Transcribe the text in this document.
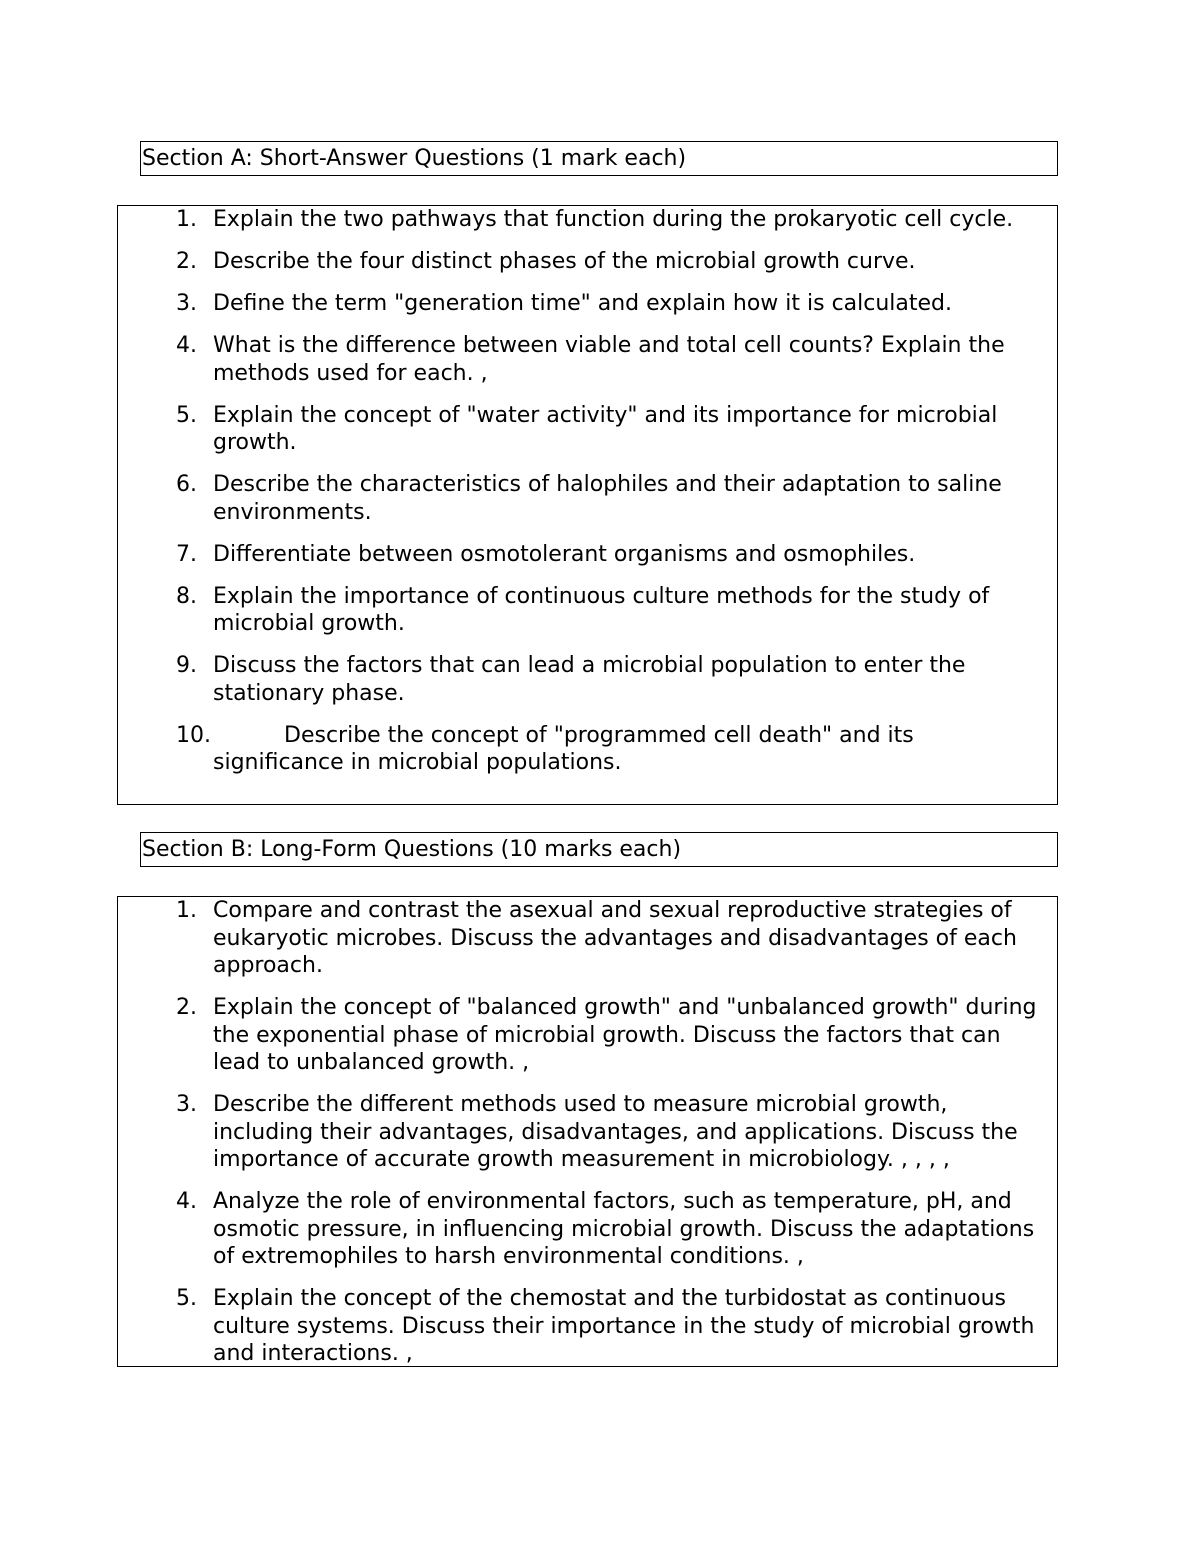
Section A: Short-Answer Questions (1 mark each)
1. Explain the two pathways that function during the prokaryotic cell cycle.
2. Describe the four distinct phases of the microbial growth curve.
3. Define the term "generation time" and explain how it is calculated.
4. What is the difference between viable and total cell counts? Explain the methods used for each. ,
5. Explain the concept of "water activity" and its importance for microbial growth.
6. Describe the characteristics of halophiles and their adaptation to saline environments.
7. Differentiate between osmotolerant organisms and osmophiles.
8. Explain the importance of continuous culture methods for the study of microbial growth.
9. Discuss the factors that can lead a microbial population to enter the stationary phase.
10.	Describe the concept of "programmed cell death" and its significance in microbial populations.
Section B: Long-Form Questions (10 marks each)
1. Compare and contrast the asexual and sexual reproductive strategies of eukaryotic microbes. Discuss the advantages and disadvantages of each approach.
2. Explain the concept of "balanced growth" and "unbalanced growth" during the exponential phase of microbial growth. Discuss the factors that can lead to unbalanced growth. ,
3. Describe the different methods used to measure microbial growth, including their advantages, disadvantages, and applications. Discuss the importance of accurate growth measurement in microbiology. , , , ,
4. Analyze the role of environmental factors, such as temperature, pH, and osmotic pressure, in influencing microbial growth. Discuss the adaptations of extremophiles to harsh environmental conditions. ,
5. Explain the concept of the chemostat and the turbidostat as continuous culture systems. Discuss their importance in the study of microbial growth and interactions. ,
